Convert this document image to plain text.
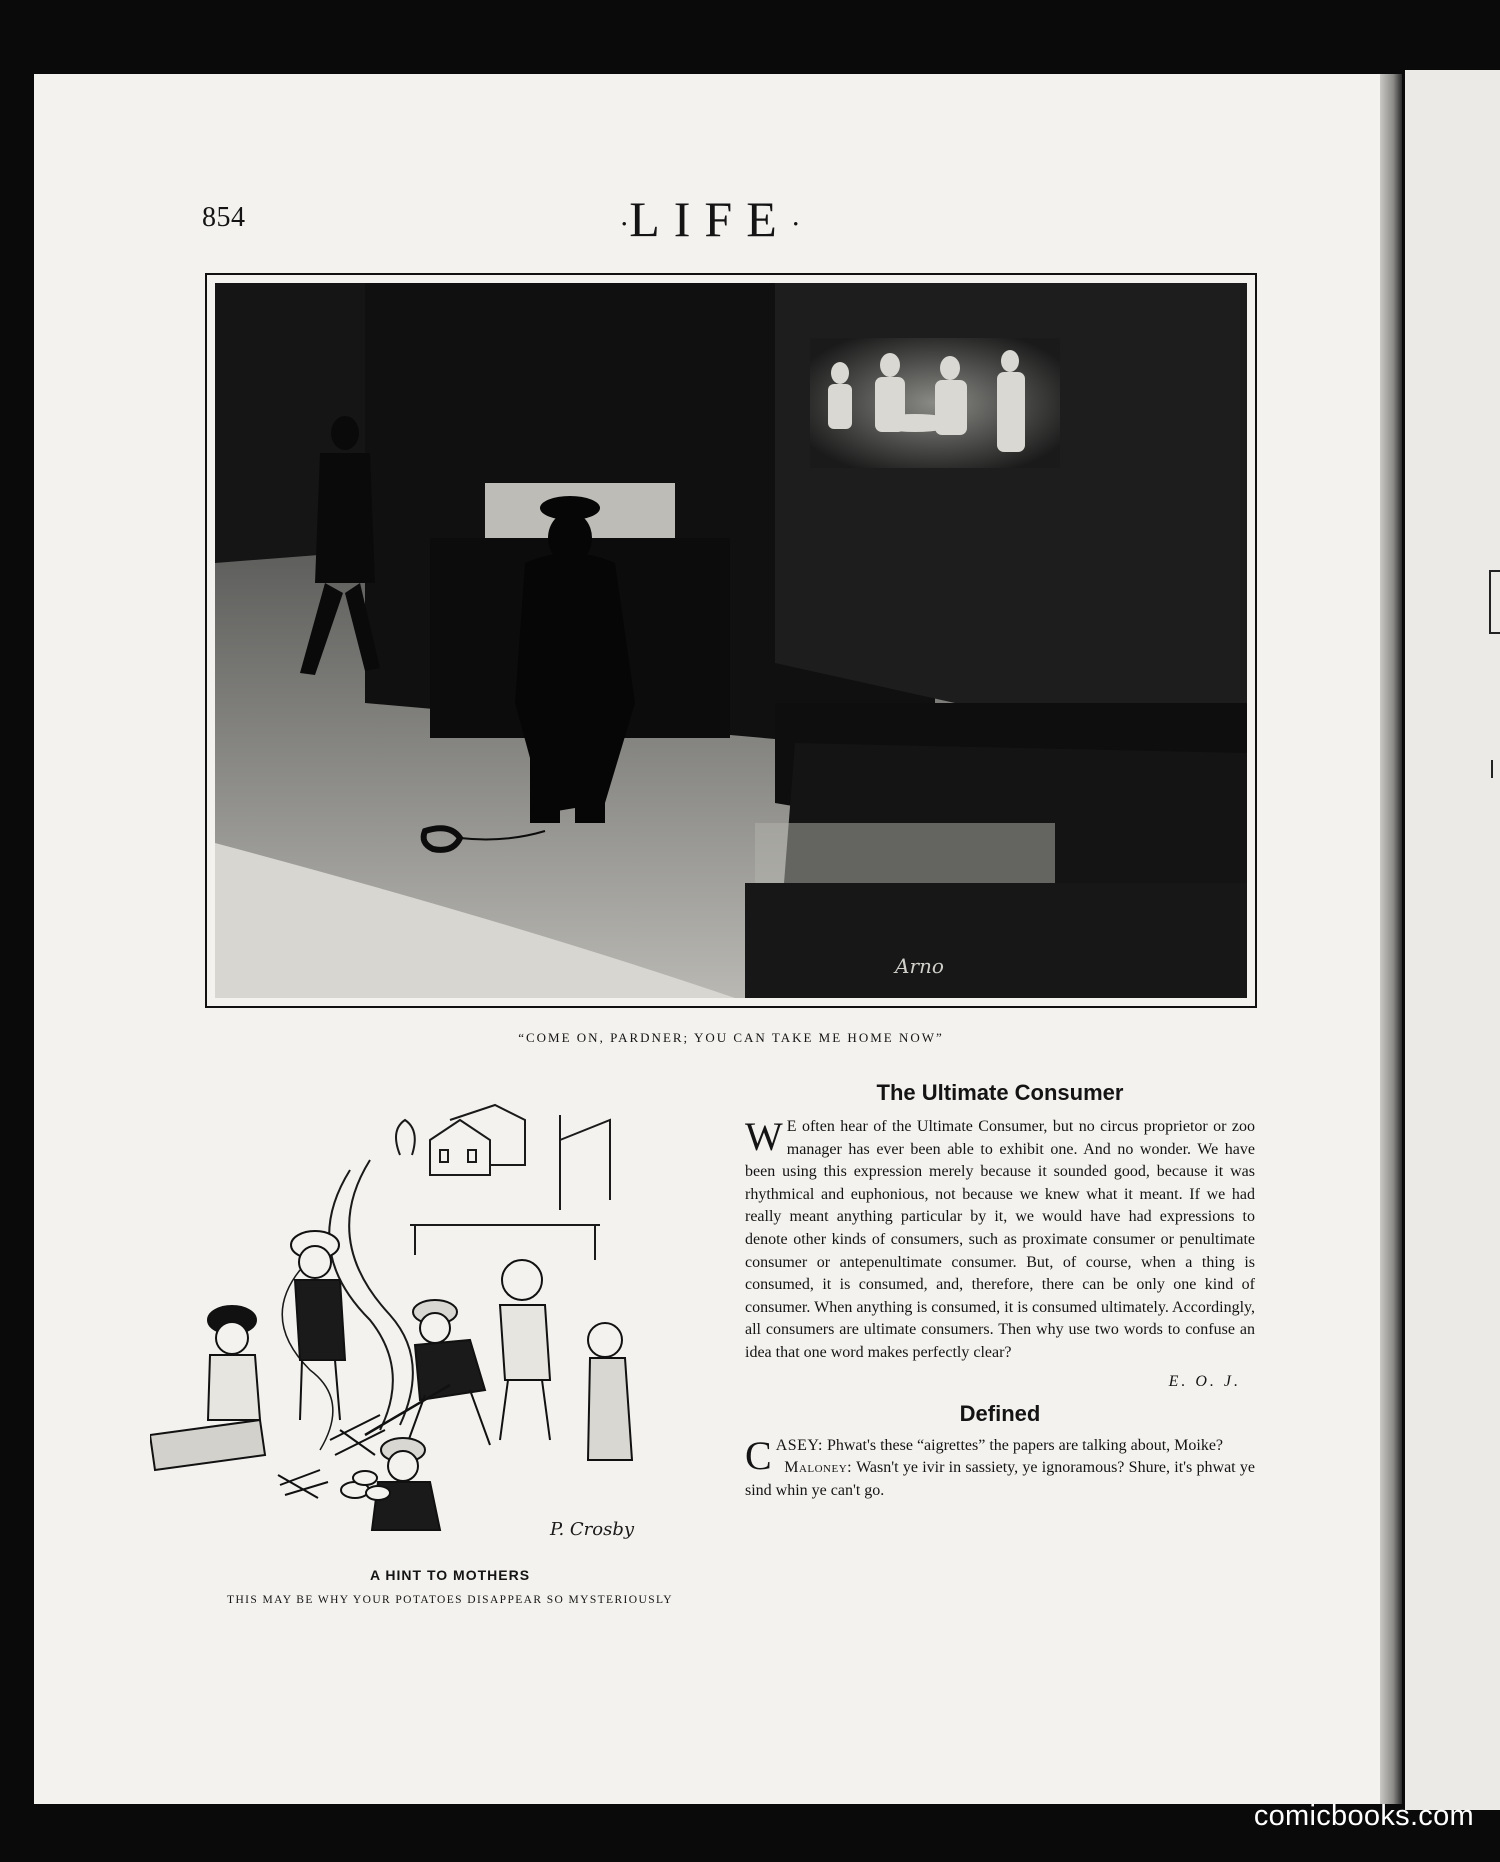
854	·LIFE·
Arno
“COME ON, PARDNER; YOU CAN TAKE ME HOME NOW”
P. Crosby
A HINT TO MOTHERS
THIS MAY BE WHY YOUR POTATOES DISAPPEAR SO MYSTERIOUSLY
The Ultimate Consumer

W E often hear of the Ultimate Consumer, but no circus proprietor or zoo manager has ever been able to exhibit one. And no wonder. We have been using this expression merely because it sounded good, because it was rhythmical and euphonious, not because we knew what it meant. If we had really meant anything particular by it, we would have had expressions to denote other kinds of consumers, such as proximate consumer or penultimate consumer or antepenultimate consumer. But, of course, when a thing is consumed, it is consumed, and, therefore, there can be only one kind of consumer. When anything is consumed, it is consumed ultimately. Accordingly, all consumers are ultimate consumers. Then why use two words to confuse an idea that one word makes perfectly clear?

E. O. J.
Defined

CASEY: Phwat's these “aigrettes” the papers are talking about, Moike?

Maloney: Wasn't ye ivir in sassiety, ye ignoramous? Shure, it's phwat ye sind whin ye can't go.

comicbooks.com
